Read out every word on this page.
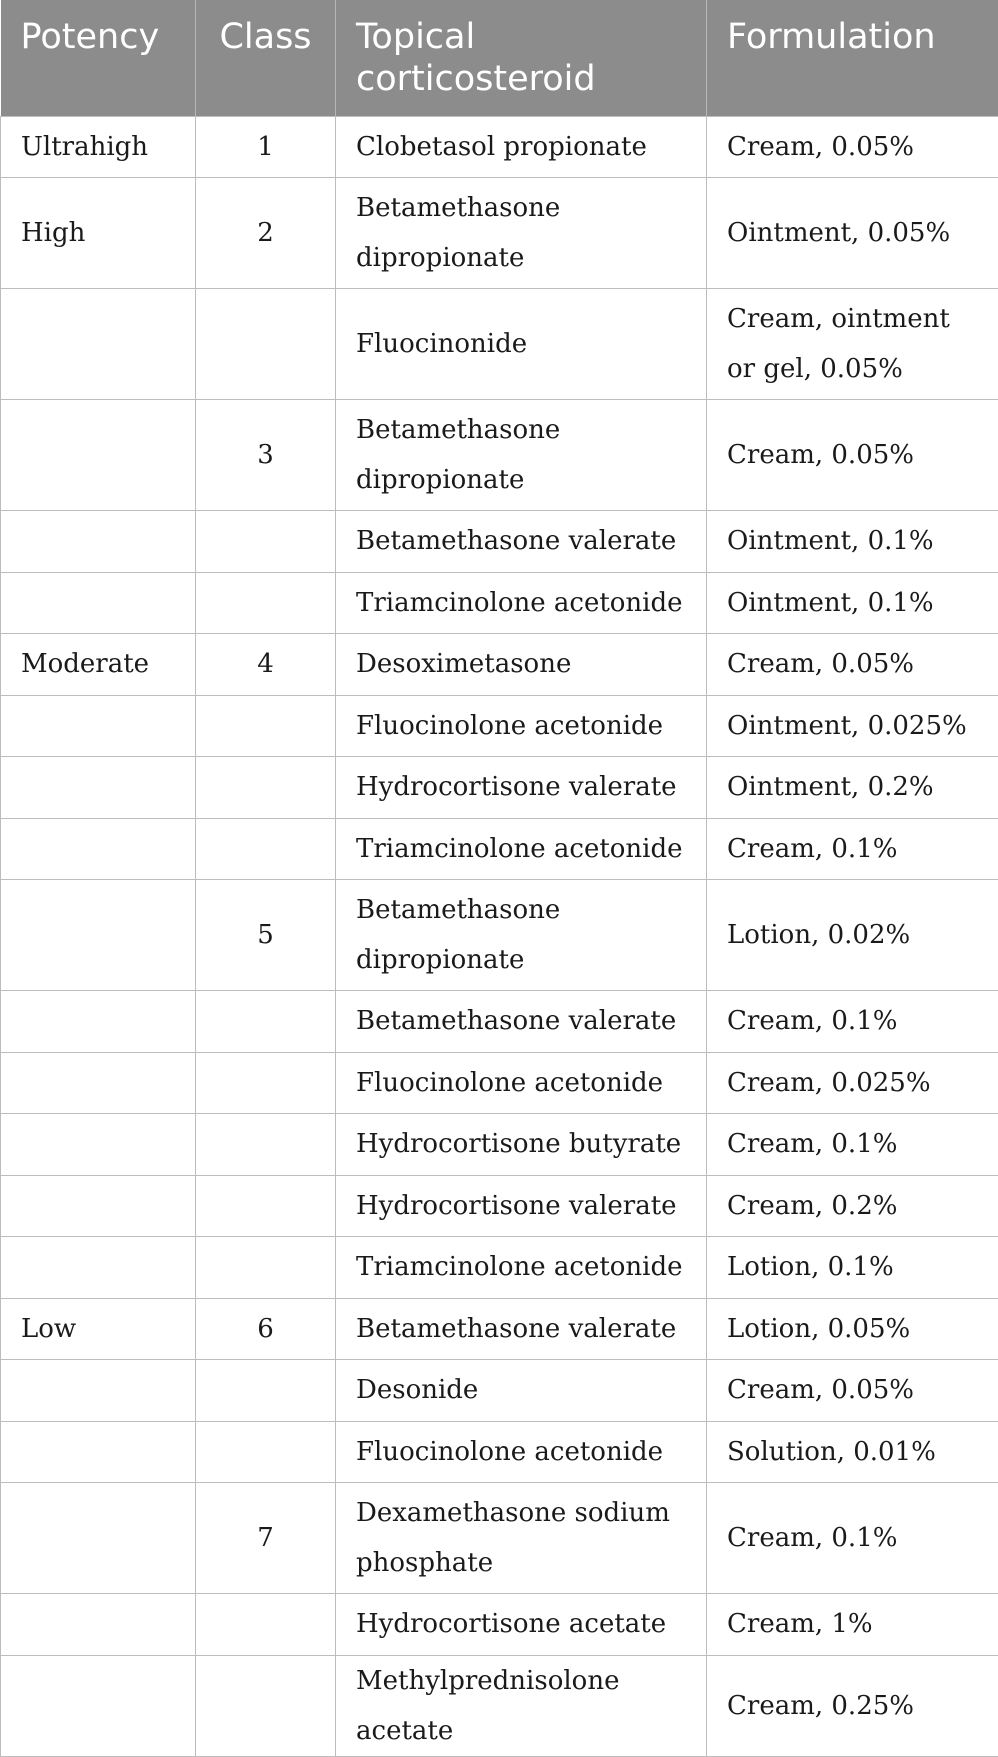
Potency	Class	Topical corticosteroid	Formulation
Ultrahigh	1	Clobetasol propionate	Cream, 0.05%
High	2	Betamethasone dipropionate	Ointment, 0.05%
		Fluocinonide	Cream, ointment or gel, 0.05%
	3	Betamethasone dipropionate	Cream, 0.05%
		Betamethasone valerate	Ointment, 0.1%
		Triamcinolone acetonide	Ointment, 0.1%
Moderate	4	Desoximetasone	Cream, 0.05%
		Fluocinolone acetonide	Ointment, 0.025%
		Hydrocortisone valerate	Ointment, 0.2%
		Triamcinolone acetonide	Cream, 0.1%
	5	Betamethasone dipropionate	Lotion, 0.02%
		Betamethasone valerate	Cream, 0.1%
		Fluocinolone acetonide	Cream, 0.025%
		Hydrocortisone butyrate	Cream, 0.1%
		Hydrocortisone valerate	Cream, 0.2%
		Triamcinolone acetonide	Lotion, 0.1%
Low	6	Betamethasone valerate	Lotion, 0.05%
		Desonide	Cream, 0.05%
		Fluocinolone acetonide	Solution, 0.01%
	7	Dexamethasone sodium phosphate	Cream, 0.1%
		Hydrocortisone acetate	Cream, 1%
		Methylprednisolone acetate	Cream, 0.25%
